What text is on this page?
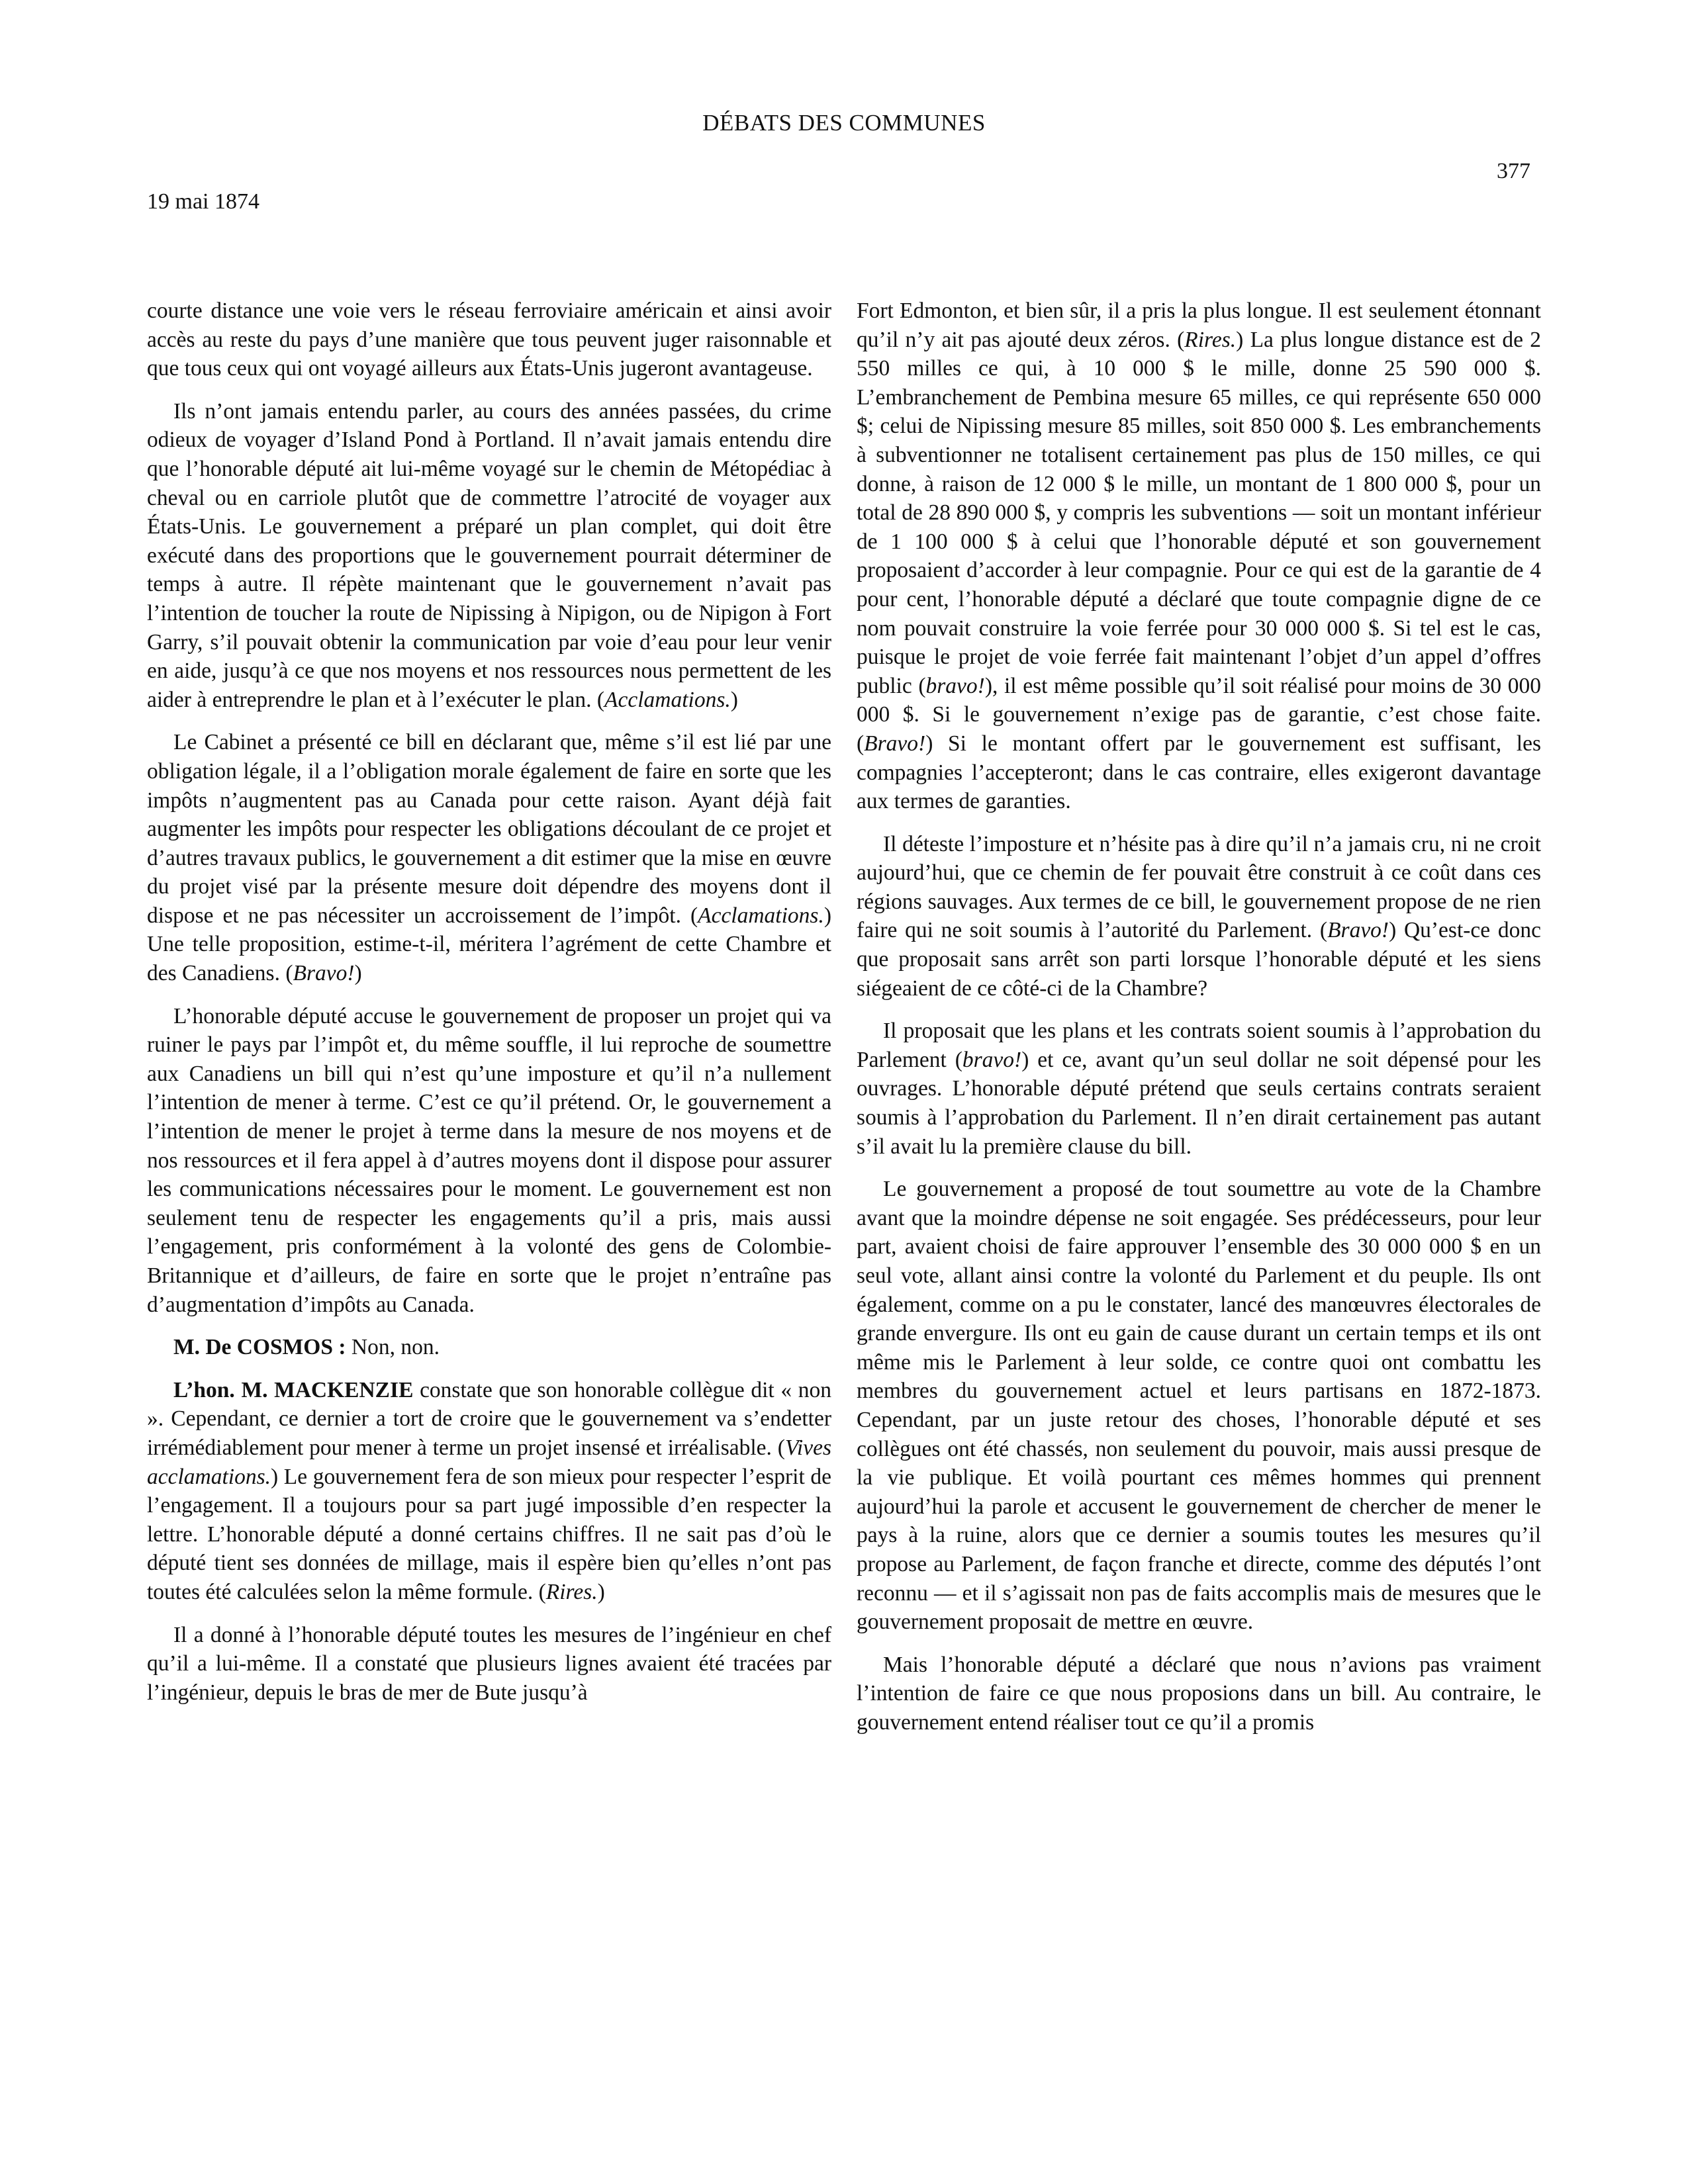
DÉBATS DES COMMUNES
377
19 mai 1874

courte distance une voie vers le réseau ferroviaire américain et ainsi avoir accès au reste du pays d’une manière que tous peuvent juger raisonnable et que tous ceux qui ont voyagé ailleurs aux États-Unis jugeront avantageuse.

Ils n’ont jamais entendu parler, au cours des années passées, du crime odieux de voyager d’Island Pond à Portland. Il n’avait jamais entendu dire que l’honorable député ait lui-même voyagé sur le chemin de Métopédiac à cheval ou en carriole plutôt que de commettre l’atrocité de voyager aux États-Unis. Le gouvernement a préparé un plan complet, qui doit être exécuté dans des proportions que le gouvernement pourrait déterminer de temps à autre. Il répète maintenant que le gouvernement n’avait pas l’intention de toucher la route de Nipissing à Nipigon, ou de Nipigon à Fort Garry, s’il pouvait obtenir la communication par voie d’eau pour leur venir en aide, jusqu’à ce que nos moyens et nos ressources nous permettent de les aider à entreprendre le plan et à l’exécuter le plan. (Acclamations.)

Le Cabinet a présenté ce bill en déclarant que, même s’il est lié par une obligation légale, il a l’obligation morale également de faire en sorte que les impôts n’augmentent pas au Canada pour cette raison. Ayant déjà fait augmenter les impôts pour respecter les obligations découlant de ce projet et d’autres travaux publics, le gouvernement a dit estimer que la mise en œuvre du projet visé par la présente mesure doit dépendre des moyens dont il dispose et ne pas nécessiter un accroissement de l’impôt. (Acclamations.) Une telle proposition, estime-t-il, méritera l’agrément de cette Chambre et des Canadiens. (Bravo!)

L’honorable député accuse le gouvernement de proposer un projet qui va ruiner le pays par l’impôt et, du même souffle, il lui reproche de soumettre aux Canadiens un bill qui n’est qu’une imposture et qu’il n’a nullement l’intention de mener à terme. C’est ce qu’il prétend. Or, le gouvernement a l’intention de mener le projet à terme dans la mesure de nos moyens et de nos ressources et il fera appel à d’autres moyens dont il dispose pour assurer les communications nécessaires pour le moment. Le gouvernement est non seulement tenu de respecter les engagements qu’il a pris, mais aussi l’engagement, pris conformément à la volonté des gens de Colombie-Britannique et d’ailleurs, de faire en sorte que le projet n’entraîne pas d’augmentation d’impôts au Canada.

M. De COSMOS : Non, non.

L’hon. M. MACKENZIE constate que son honorable collègue dit « non ». Cependant, ce dernier a tort de croire que le gouvernement va s’endetter irrémédiablement pour mener à terme un projet insensé et irréalisable. (Vives acclamations.) Le gouvernement fera de son mieux pour respecter l’esprit de l’engagement. Il a toujours pour sa part jugé impossible d’en respecter la lettre. L’honorable député a donné certains chiffres. Il ne sait pas d’où le député tient ses données de millage, mais il espère bien qu’elles n’ont pas toutes été calculées selon la même formule. (Rires.)

Il a donné à l’honorable député toutes les mesures de l’ingénieur en chef qu’il a lui-même. Il a constaté que plusieurs lignes avaient été tracées par l’ingénieur, depuis le bras de mer de Bute jusqu’à

Fort Edmonton, et bien sûr, il a pris la plus longue. Il est seulement étonnant qu’il n’y ait pas ajouté deux zéros. (Rires.) La plus longue distance est de 2 550 milles ce qui, à 10 000 $ le mille, donne 25 590 000 $. L’embranchement de Pembina mesure 65 milles, ce qui représente 650 000 $; celui de Nipissing mesure 85 milles, soit 850 000 $. Les embranchements à subventionner ne totalisent certainement pas plus de 150 milles, ce qui donne, à raison de 12 000 $ le mille, un montant de 1 800 000 $, pour un total de 28 890 000 $, y compris les subventions — soit un montant inférieur de 1 100 000 $ à celui que l’honorable député et son gouvernement proposaient d’accorder à leur compagnie. Pour ce qui est de la garantie de 4 pour cent, l’honorable député a déclaré que toute compagnie digne de ce nom pouvait construire la voie ferrée pour 30 000 000 $. Si tel est le cas, puisque le projet de voie ferrée fait maintenant l’objet d’un appel d’offres public (bravo!), il est même possible qu’il soit réalisé pour moins de 30 000 000 $. Si le gouvernement n’exige pas de garantie, c’est chose faite. (Bravo!) Si le montant offert par le gouvernement est suffisant, les compagnies l’accepteront; dans le cas contraire, elles exigeront davantage aux termes de garanties.

Il déteste l’imposture et n’hésite pas à dire qu’il n’a jamais cru, ni ne croit aujourd’hui, que ce chemin de fer pouvait être construit à ce coût dans ces régions sauvages. Aux termes de ce bill, le gouvernement propose de ne rien faire qui ne soit soumis à l’autorité du Parlement. (Bravo!) Qu’est-ce donc que proposait sans arrêt son parti lorsque l’honorable député et les siens siégeaient de ce côté-ci de la Chambre?

Il proposait que les plans et les contrats soient soumis à l’approbation du Parlement (bravo!) et ce, avant qu’un seul dollar ne soit dépensé pour les ouvrages. L’honorable député prétend que seuls certains contrats seraient soumis à l’approbation du Parlement. Il n’en dirait certainement pas autant s’il avait lu la première clause du bill.

Le gouvernement a proposé de tout soumettre au vote de la Chambre avant que la moindre dépense ne soit engagée. Ses prédécesseurs, pour leur part, avaient choisi de faire approuver l’ensemble des 30 000 000 $ en un seul vote, allant ainsi contre la volonté du Parlement et du peuple. Ils ont également, comme on a pu le constater, lancé des manœuvres électorales de grande envergure. Ils ont eu gain de cause durant un certain temps et ils ont même mis le Parlement à leur solde, ce contre quoi ont combattu les membres du gouvernement actuel et leurs partisans en 1872-1873. Cependant, par un juste retour des choses, l’honorable député et ses collègues ont été chassés, non seulement du pouvoir, mais aussi presque de la vie publique. Et voilà pourtant ces mêmes hommes qui prennent aujourd’hui la parole et accusent le gouvernement de chercher de mener le pays à la ruine, alors que ce dernier a soumis toutes les mesures qu’il propose au Parlement, de façon franche et directe, comme des députés l’ont reconnu — et il s’agissait non pas de faits accomplis mais de mesures que le gouvernement proposait de mettre en œuvre.

Mais l’honorable député a déclaré que nous n’avions pas vraiment l’intention de faire ce que nous proposions dans un bill. Au contraire, le gouvernement entend réaliser tout ce qu’il a promis
